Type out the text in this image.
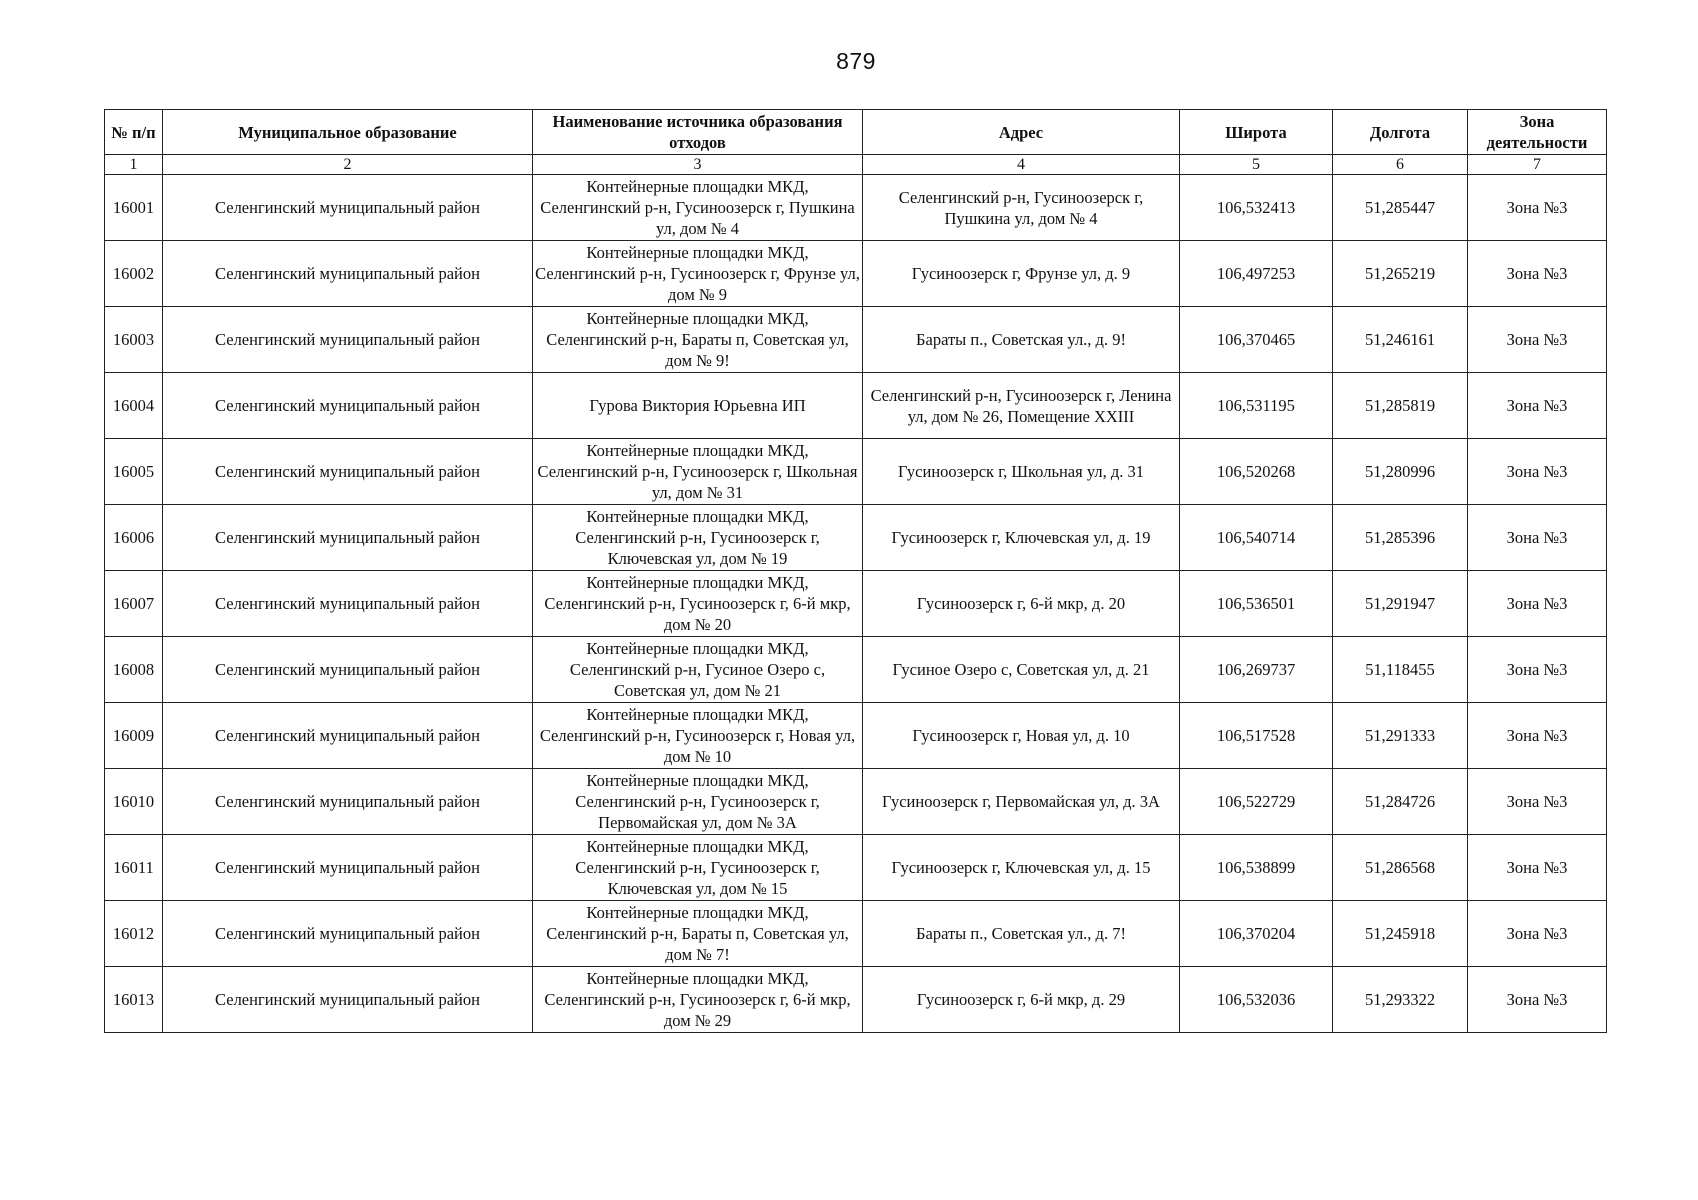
879
№ п/п	Муниципальное образование	Наименование источника образования отходов	Адрес	Широта	Долгота	Зона деятельности
1	2	3	4	5	6	7
16001	Селенгинский муниципальный район	Контейнерные площадки МКД, Селенгинский р-н, Гусиноозерск г, Пушкина ул, дом № 4	Селенгинский р-н, Гусиноозерск г, Пушкина ул, дом № 4	106,532413	51,285447	Зона №3
16002	Селенгинский муниципальный район	Контейнерные площадки МКД, Селенгинский р-н, Гусиноозерск г, Фрунзе ул, дом № 9	Гусиноозерск г, Фрунзе ул, д. 9	106,497253	51,265219	Зона №3
16003	Селенгинский муниципальный район	Контейнерные площадки МКД, Селенгинский р-н, Бараты п, Советская ул, дом № 9!	Бараты п., Советская ул., д. 9!	106,370465	51,246161	Зона №3
16004	Селенгинский муниципальный район	Гурова Виктория Юрьевна ИП	Селенгинский р-н, Гусиноозерск г, Ленина ул, дом № 26, Помещение XXIII	106,531195	51,285819	Зона №3
16005	Селенгинский муниципальный район	Контейнерные площадки МКД, Селенгинский р-н, Гусиноозерск г, Школьная ул, дом № 31	Гусиноозерск г, Школьная ул, д. 31	106,520268	51,280996	Зона №3
16006	Селенгинский муниципальный район	Контейнерные площадки МКД, Селенгинский р-н, Гусиноозерск г, Ключевская ул, дом № 19	Гусиноозерск г, Ключевская ул, д. 19	106,540714	51,285396	Зона №3
16007	Селенгинский муниципальный район	Контейнерные площадки МКД, Селенгинский р-н, Гусиноозерск г, 6-й мкр, дом № 20	Гусиноозерск г, 6-й мкр, д. 20	106,536501	51,291947	Зона №3
16008	Селенгинский муниципальный район	Контейнерные площадки МКД, Селенгинский р-н, Гусиное Озеро с, Советская ул, дом № 21	Гусиное Озеро с, Советская ул, д. 21	106,269737	51,118455	Зона №3
16009	Селенгинский муниципальный район	Контейнерные площадки МКД, Селенгинский р-н, Гусиноозерск г, Новая ул, дом № 10	Гусиноозерск г, Новая ул, д. 10	106,517528	51,291333	Зона №3
16010	Селенгинский муниципальный район	Контейнерные площадки МКД, Селенгинский р-н, Гусиноозерск г, Первомайская ул, дом № 3А	Гусиноозерск г, Первомайская ул, д. 3А	106,522729	51,284726	Зона №3
16011	Селенгинский муниципальный район	Контейнерные площадки МКД, Селенгинский р-н, Гусиноозерск г, Ключевская ул, дом № 15	Гусиноозерск г, Ключевская ул, д. 15	106,538899	51,286568	Зона №3
16012	Селенгинский муниципальный район	Контейнерные площадки МКД, Селенгинский р-н, Бараты п, Советская ул, дом № 7!	Бараты п., Советская ул., д. 7!	106,370204	51,245918	Зона №3
16013	Селенгинский муниципальный район	Контейнерные площадки МКД, Селенгинский р-н, Гусиноозерск г, 6-й мкр, дом № 29	Гусиноозерск г, 6-й мкр, д. 29	106,532036	51,293322	Зона №3
